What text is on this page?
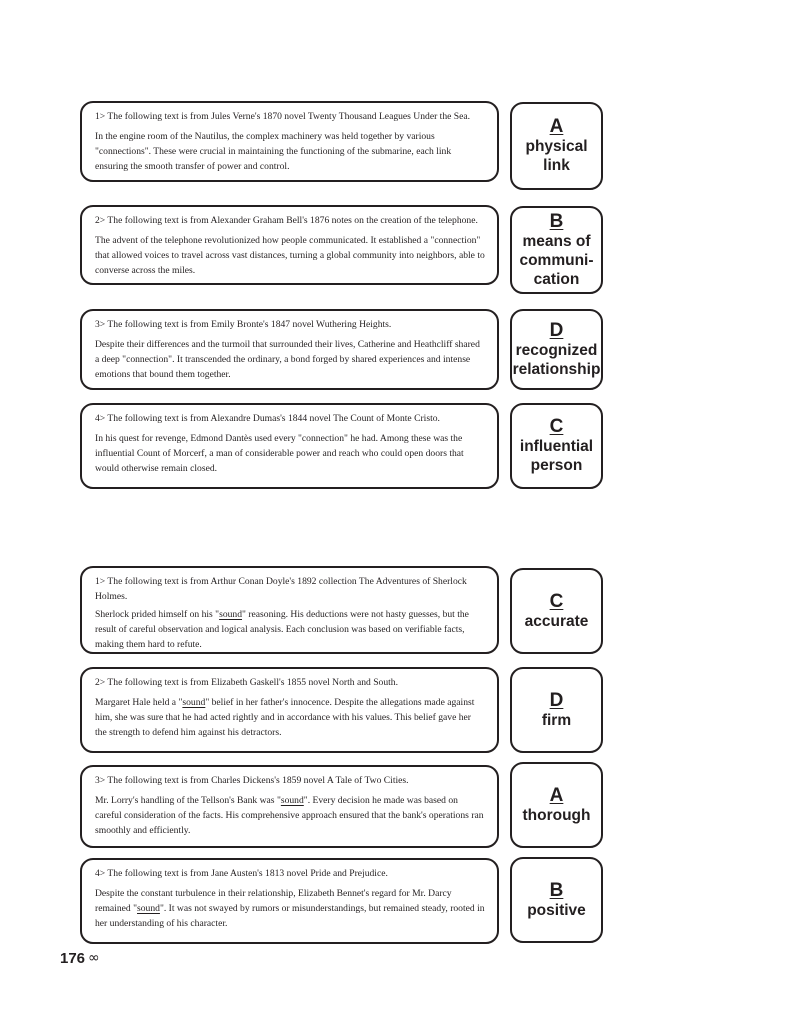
1> The following text is from Jules Verne's 1870 novel Twenty Thousand Leagues Under the Sea.

In the engine room of the Nautilus, the complex machinery was held together by various "connections". These were crucial in maintaining the functioning of the submarine, each link ensuring the smooth transfer of power and control.

A
physical link

2> The following text is from Alexander Graham Bell's 1876 notes on the creation of the telephone.

The advent of the telephone revolutionized how people communicated. It established a "connection" that allowed voices to travel across vast distances, turning a global community into neighbors, able to converse across the miles.

B
means of communi-cation

3> The following text is from Emily Bronte's 1847 novel Wuthering Heights.

Despite their differences and the turmoil that surrounded their lives, Catherine and Heathcliff shared a deep "connection". It transcended the ordinary, a bond forged by shared experiences and intense emotions that bound them together.

D
recognized relationship

4> The following text is from Alexandre Dumas's 1844 novel The Count of Monte Cristo.

In his quest for revenge, Edmond Dantès used every "connection" he had. Among these was the influential Count of Morcerf, a man of considerable power and reach who could open doors that would otherwise remain closed.

C
influential person

1> The following text is from Arthur Conan Doyle's 1892 collection The Adventures of Sherlock Holmes.

Sherlock prided himself on his "sound" reasoning. His deductions were not hasty guesses, but the result of careful observation and logical analysis. Each conclusion was based on verifiable facts, making them hard to refute.

C
accurate

2> The following text is from Elizabeth Gaskell's 1855 novel North and South.

Margaret Hale held a "sound" belief in her father's innocence. Despite the allegations made against him, she was sure that he had acted rightly and in accordance with his values. This belief gave her the strength to defend him against his detractors.

D
firm

3> The following text is from Charles Dickens's 1859 novel A Tale of Two Cities.

Mr. Lorry's handling of the Tellson's Bank was "sound". Every decision he made was based on careful consideration of the facts. His comprehensive approach ensured that the bank's operations ran smoothly and efficiently.

A
thorough

4> The following text is from Jane Austen's 1813 novel Pride and Prejudice.

Despite the constant turbulence in their relationship, Elizabeth Bennet's regard for Mr. Darcy remained "sound". It was not swayed by rumors or misunderstandings, but remained steady, rooted in her understanding of his character.

B
positive
176 ∞
